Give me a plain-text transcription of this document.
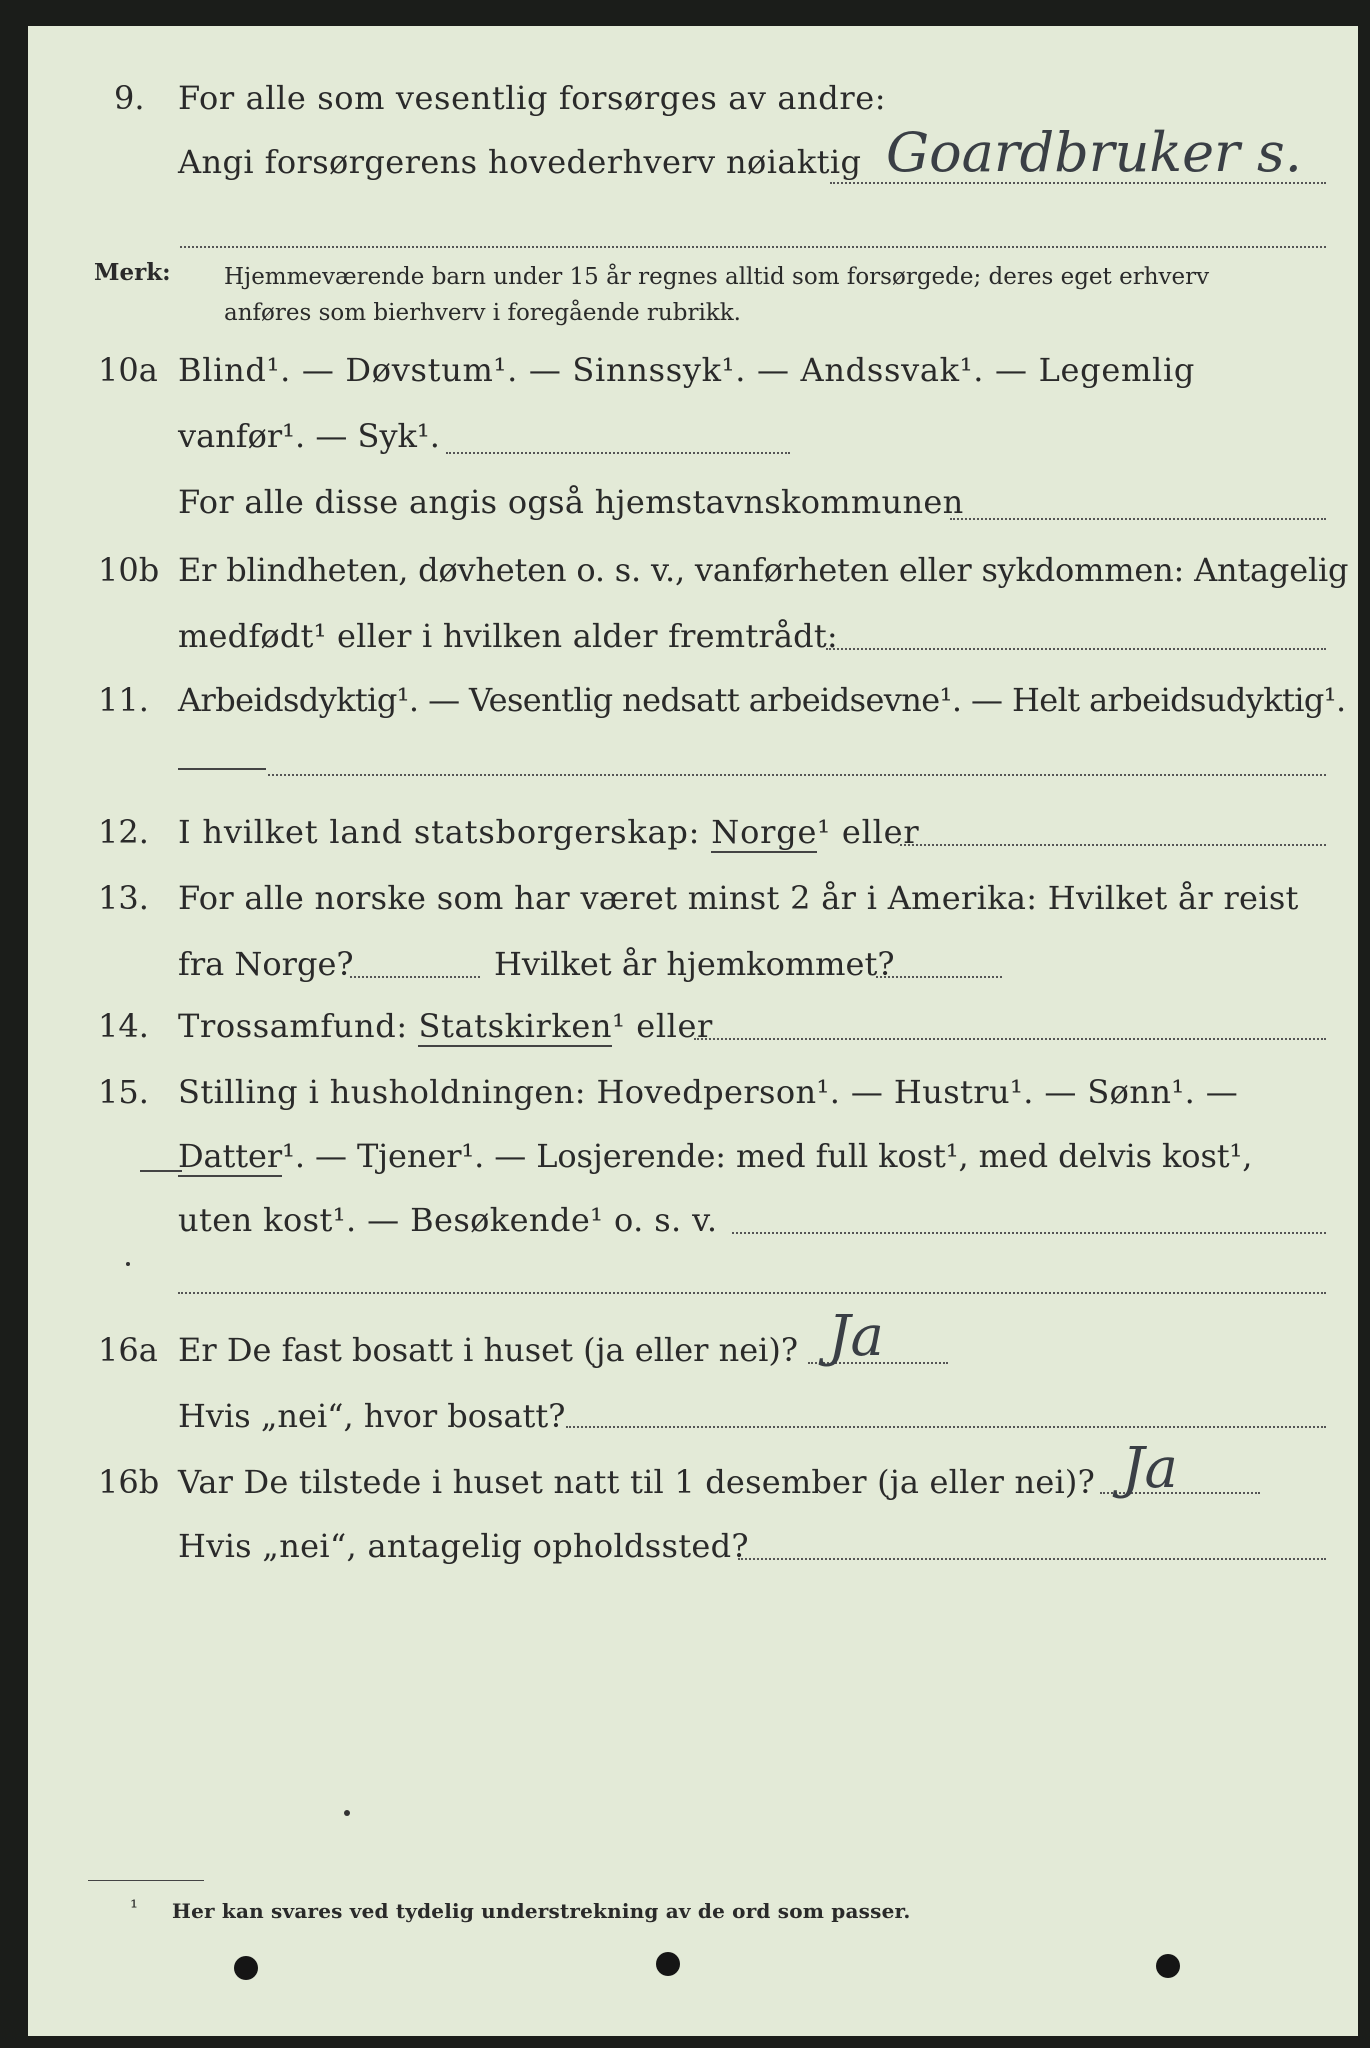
9. For alle som vesentlig forsørges av andre:
Angi forsørgerens hovederhverv nøiaktig Goardbruker s.
Merk: Hjemmeværende barn under 15 år regnes alltid som forsørgede; deres eget erhverv
anføres som bierhverv i foregående rubrikk.
10a Blind¹. — Døvstum¹. — Sinnssyk¹. — Andssvak¹. — Legemlig
vanfør¹. — Syk¹.
For alle disse angis også hjemstavnskommunen
10b Er blindheten, døvheten o. s. v., vanførheten eller sykdommen: Antagelig
medfødt¹ eller i hvilken alder fremtrådt:
11. Arbeidsdyktig¹. — Vesentlig nedsatt arbeidsevne¹. — Helt arbeidsudyktig¹.
12. I hvilket land statsborgerskap: Norge¹ eller
13. For alle norske som har været minst 2 år i Amerika: Hvilket år reist
fra Norge?	Hvilket år hjemkommet?
14. Trossamfund: Statskirken¹ eller
15. Stilling i husholdningen: Hovedperson¹. — Hustru¹. — Sønn¹. —
Datter¹. — Tjener¹. — Losjerende: med full kost¹, med delvis kost¹,
uten kost¹. — Besøkende¹ o. s. v.
16a Er De fast bosatt i huset (ja eller nei)? Ja
Hvis „nei“, hvor bosatt?
16b Var De tilstede i huset natt til 1 desember (ja eller nei)? Ja
Hvis „nei“, antagelig opholdssted?
¹ Her kan svares ved tydelig understrekning av de ord som passer.
